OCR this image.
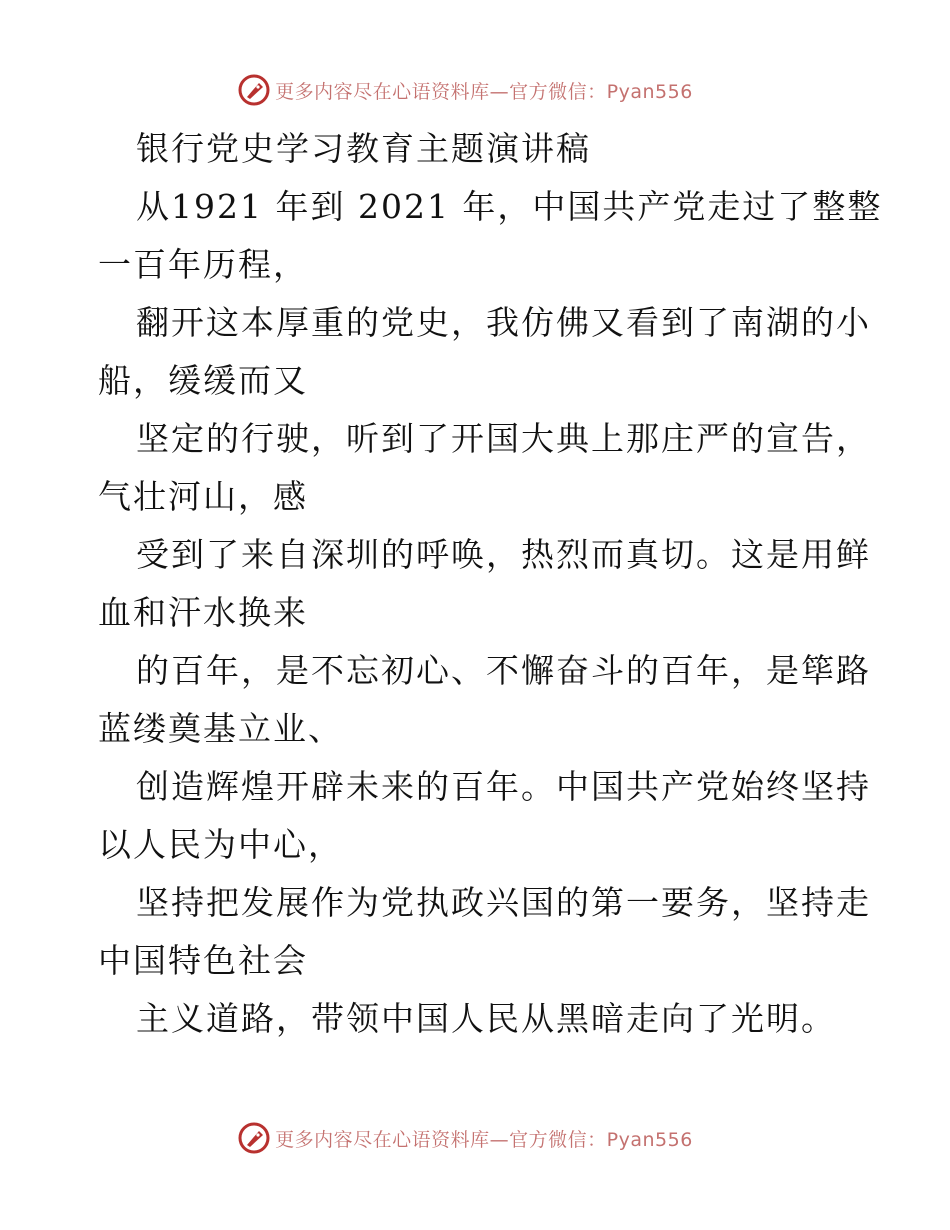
更多内容尽在心语资料库—官方微信：Pyan556
银行党史学习教育主题演讲稿
从1921 年到 2021 年，中国共产党走过了整整
一百年历程，
翻开这本厚重的党史，我仿佛又看到了南湖的小
船，缓缓而又
坚定的行驶，听到了开国大典上那庄严的宣告，
气壮河山，感
受到了来自深圳的呼唤，热烈而真切。这是用鲜
血和汗水换来
的百年，是不忘初心、不懈奋斗的百年，是筚路
蓝缕奠基立业、
创造辉煌开辟未来的百年。中国共产党始终坚持
以人民为中心，
坚持把发展作为党执政兴国的第一要务，坚持走
中国特色社会
主义道路，带领中国人民从黑暗走向了光明。
更多内容尽在心语资料库—官方微信：Pyan556
